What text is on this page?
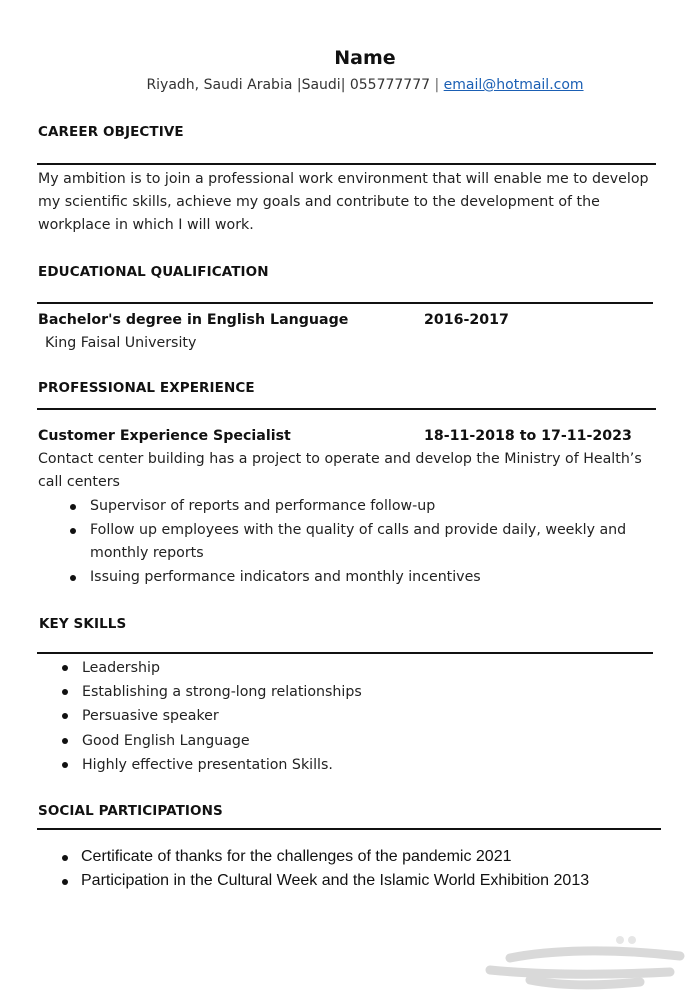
Name
Riyadh, Saudi Arabia |Saudi| 055777777 | email@hotmail.com
CAREER OBJECTIVE
My ambition is to join a professional work environment that will enable me to develop my scientific skills, achieve my goals and contribute to the development of the workplace in which I will work.
EDUCATIONAL QUALIFICATION
Bachelor's degree in English Language	2016-2017
King Faisal University
PROFESSIONAL EXPERIENCE
Customer Experience Specialist	18-11-2018 to 17-11-2023
Contact center building has a project to operate and develop the Ministry of Health’s call centers
Supervisor of reports and performance follow-up
Follow up employees with the quality of calls and provide daily, weekly and monthly reports
Issuing performance indicators and monthly incentives
KEY SKILLS
Leadership
Establishing a strong-long relationships
Persuasive speaker
Good English Language
Highly effective presentation Skills.
SOCIAL PARTICIPATIONS
Certificate of thanks for the challenges of the pandemic 2021
Participation in the Cultural Week and the Islamic World Exhibition 2013
